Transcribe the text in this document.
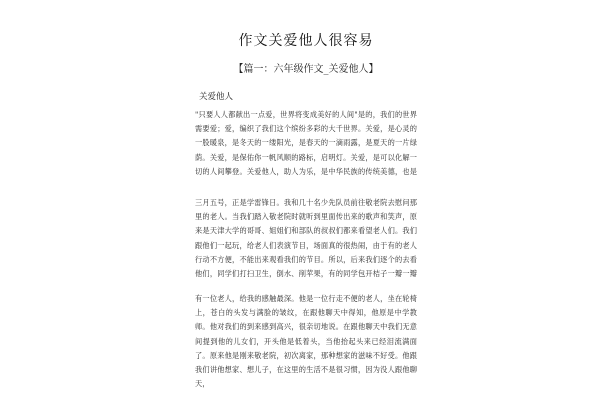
作文关爱他人很容易
【篇一：六年级作文_关爱他人】
关爱他人
"只要人人都献出一点爱，世界将变成美好的人间"是的，我们的世界需要爱；爱，编织了我们这个缤纷多彩的大千世界。关爱，是心灵的一股暖泉，是冬天的一缕阳光，是春天的一滴雨露，是夏天的一片绿荫。关爱，是保佑你一帆风顺的路标，启明灯。关爱，是可以化解一切的人间攀登。关爱他人，助人为乐，是中华民族的传统美德，也是
三月五号，正是学雷锋日。我和几十名少先队员前往敬老院去慰问那里的老人。当我们踏入敬老院时就听到里面传出来的歌声和笑声，原来是天津大学的哥哥、姐姐们和部队的叔叔们都来看望老人们。我们跟他们一起玩，给老人们表演节目，场面真的很热闹，由于有的老人行动不方便，不能出来观看我们的节目。所以，后来我们逐个的去看他们，同学们打扫卫生，倒水、削苹果，有的同学包开桔子一瓣一瓣
有一位老人，给我的感触最深。他是一位行走不便的老人，坐在轮椅上，苍白的头发与满脸的皱纹，在跟他聊天中得知，他原是中学教师。他对我们的到来感到高兴，很亲切地说。在跟他聊天中我们无意间提到他的儿女们，开头他是低着头，当他抬起头来已经泪流满面了。原来他是刚来敬老院，初次离家，那种想家的滋味不好受。他跟我们讲他想家、想儿子，在这里的生活不是很习惯，因为没人跟他聊天，
